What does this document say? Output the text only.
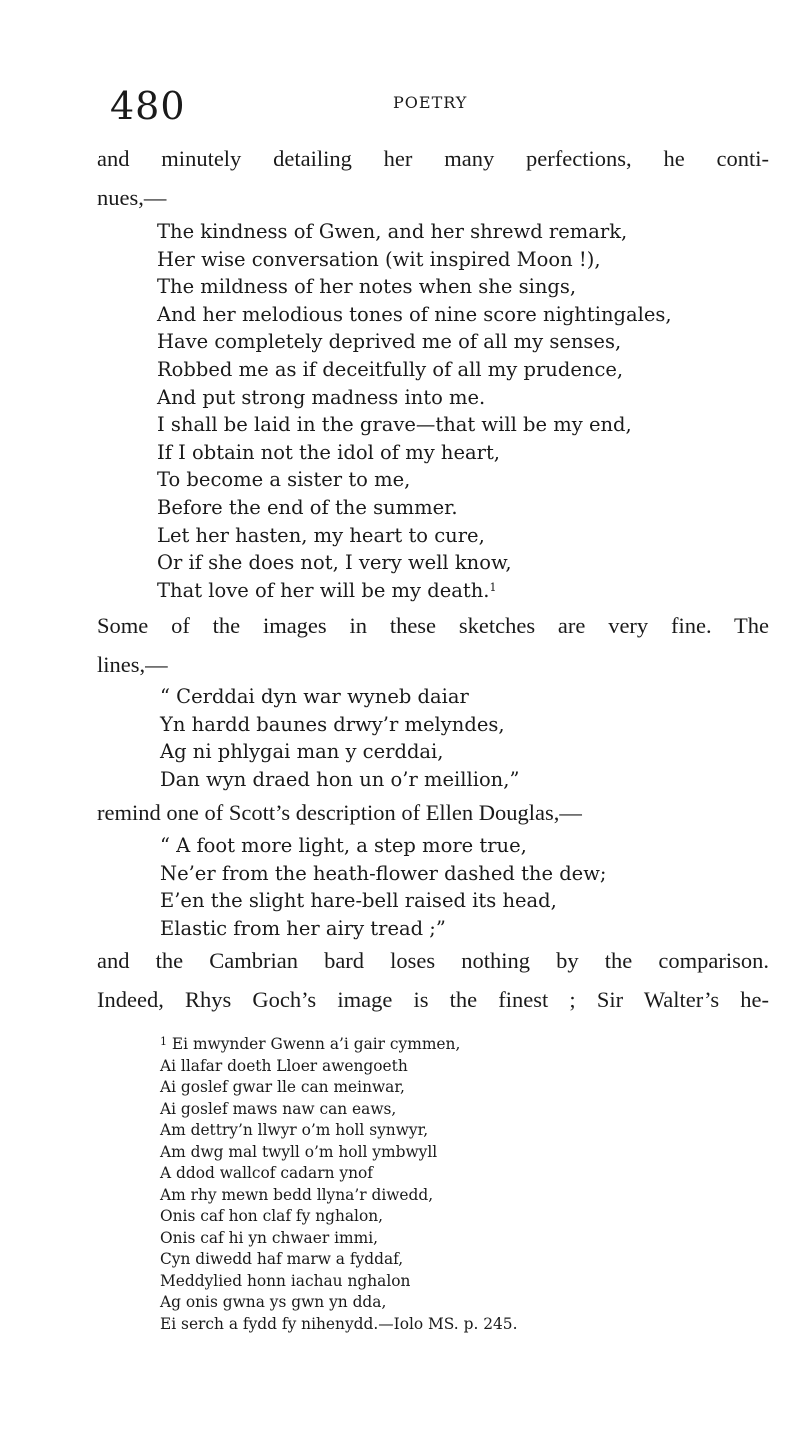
480	POETRY
and minutely detailing her many perfections, he conti-
nues,—
The kindness of Gwen, and her shrewd remark,
Her wise conversation (wit inspired Moon !),
The mildness of her notes when she sings,
And her melodious tones of nine score nightingales,
Have completely deprived me of all my senses,
Robbed me as if deceitfully of all my prudence,
And put strong madness into me.
I shall be laid in the grave—that will be my end,
If I obtain not the idol of my heart,
To become a sister to me,
Before the end of the summer.
Let her hasten, my heart to cure,
Or if she does not, I very well know,
That love of her will be my death.$^1$
Some of the images in these sketches are very fine. The
lines,—
“ Cerddai dyn war wyneb daiar
Yn hardd baunes drwy’r melyndes,
Ag ni phlygai man y cerddai,
Dan wyn draed hon un o’r meillion,”
remind one of Scott’s description of Ellen Douglas,—
“ A foot more light, a step more true,
Ne’er from the heath-flower dashed the dew;
E’en the slight hare-bell raised its head,
Elastic from her airy tread ;”
and the Cambrian bard loses nothing by the comparison.
Indeed, Rhys Goch’s image is the finest ; Sir Walter’s he-
$^1$ Ei mwynder Gwenn a’i gair cymmen,
Ai llafar doeth Lloer awengoeth
Ai goslef gwar lle can meinwar,
Ai goslef maws naw can eaws,
Am dettry’n llwyr o’m holl synwyr,
Am dwg mal twyll o’m holl ymbwyll
A ddod wallcof cadarn ynof
Am rhy mewn bedd llyna’r diwedd,
Onis caf hon claf fy nghalon,
Onis caf hi yn chwaer immi,
Cyn diwedd haf marw a fyddaf,
Meddylied honn iachau nghalon
Ag onis gwna ys gwn yn dda,
Ei serch a fydd fy nihenydd.—Iolo MS. p. 245.
